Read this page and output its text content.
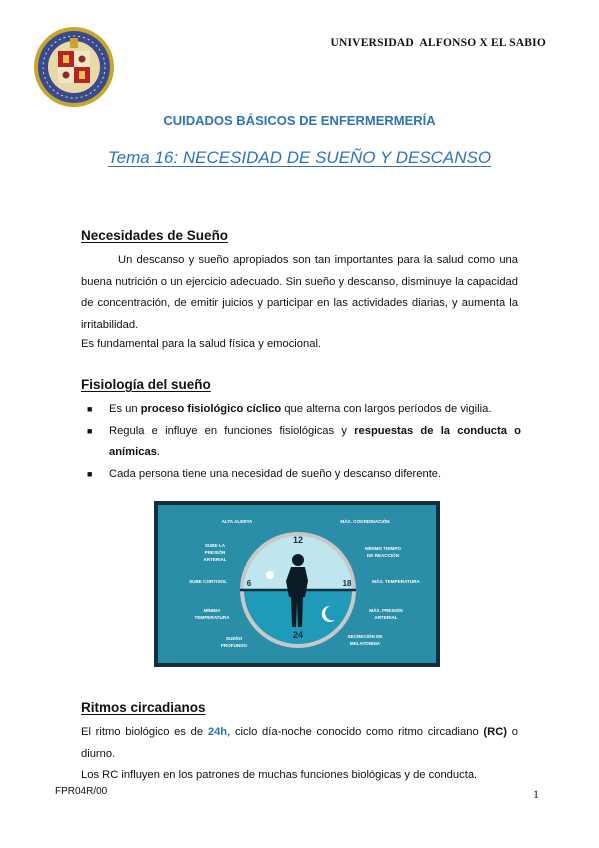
UNIVERSIDAD  ALFONSO X EL SABIO
CUIDADOS BÁSICOS DE ENFERMERMERÍA
Tema 16: NECESIDAD DE SUEÑO Y DESCANSO
Necesidades de Sueño
Un descanso y sueño apropiados son tan importantes para la salud como una buena nutrición o un ejercicio adecuado. Sin sueño y descanso, disminuye la capacidad de concentración, de emitir juicios y participar en las actividades diarias, y aumenta la irritabilidad.
Es fundamental para la salud física y emocional.
Fisiología del sueño
■ Es un proceso fisiológico cíclico que alterna con largos períodos de vigilia.
■ Regula e influye en funciones fisiológicas y respuestas de la conducta o anímicas.
■ Cada persona tiene una necesidad de sueño y descanso diferente.
12
6	18
24
ALTA ALERTA	MÁX. COORDINACIÓN
SUBE LA
PRESIÓN
ARTERIAL
MÍNIMO TIEMPO
DE REACCIÓN
SUBE CORTISOL	MÁX. TEMPERATURA
MÍNIMA
TEMPERATURA
MÁX. PRESIÓN
ARTERIAL
SUEÑO
PROFUNDO
SECRECIÓN DE
MELATONINA
Ritmos circadianos
El ritmo biológico es de 24h, ciclo día-noche conocido como ritmo circadiano (RC) o diurno.
Los RC influyen en los patrones de muchas funciones biológicas y de conducta.
FPR04R/00	1
